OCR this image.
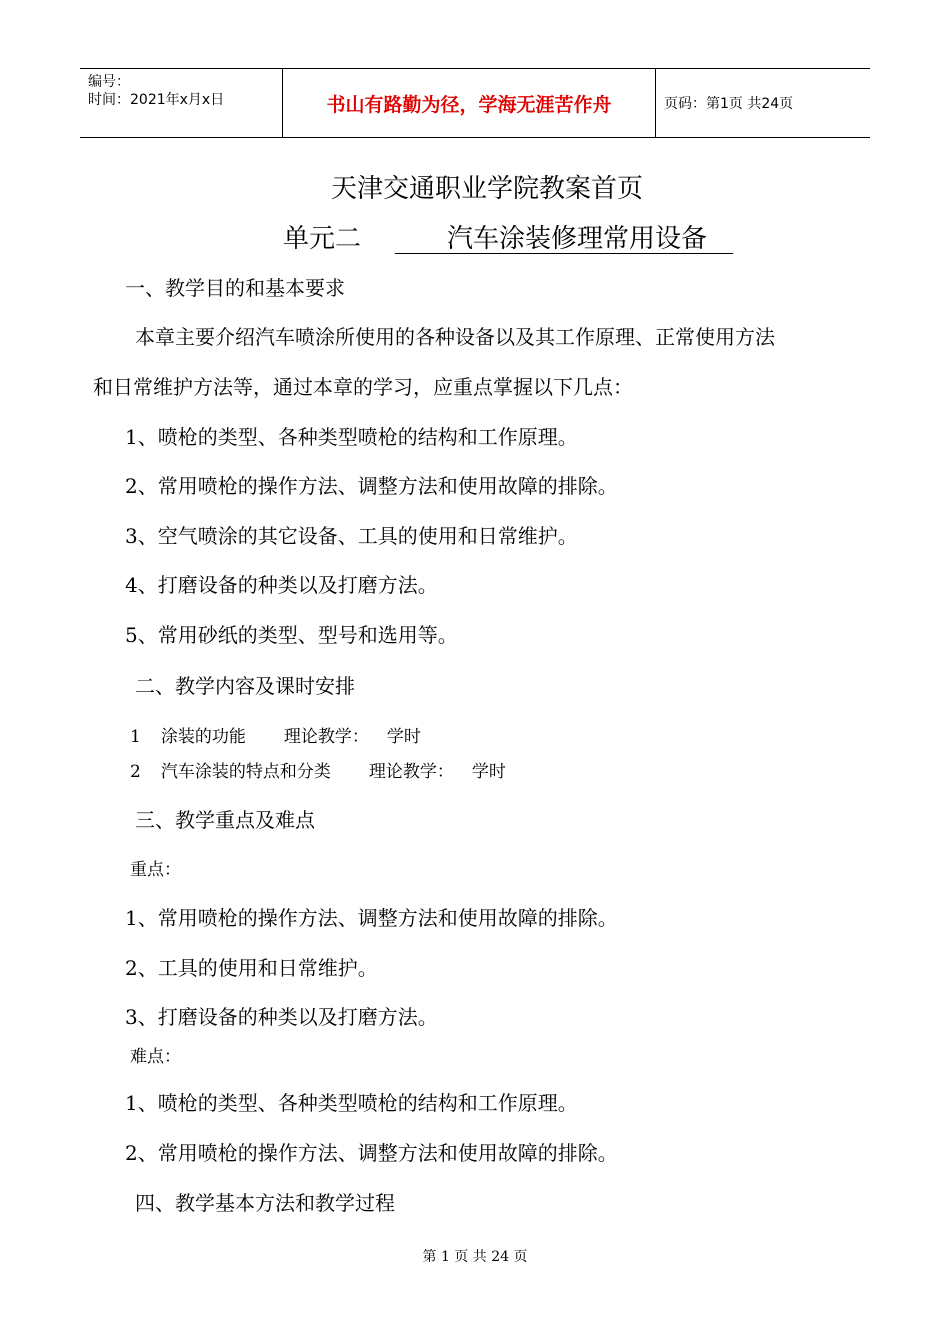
编号：
时间：2021年x月x日	书山有路勤为径，学海无涯苦作舟	页码：第1页 共24页
天津交通职业学院教案首页
单元二　　汽车涂装修理常用设备　
一、教学目的和基本要求
本章主要介绍汽车喷涂所使用的各种设备以及其工作原理、正常使用方法
和日常维护方法等，通过本章的学习，应重点掌握以下几点：
1、喷枪的类型、各种类型喷枪的结构和工作原理。
2、常用喷枪的操作方法、调整方法和使用故障的排除。
3、空气喷涂的其它设备、工具的使用和日常维护。
4、打磨设备的种类以及打磨方法。
5、常用砂纸的类型、型号和选用等。
二、教学内容及课时安排
1 涂装的功能 理论教学： 学时
2 汽车涂装的特点和分类 理论教学： 学时
三、教学重点及难点
重点：
1、常用喷枪的操作方法、调整方法和使用故障的排除。
2、工具的使用和日常维护。
3、打磨设备的种类以及打磨方法。
难点：
1、喷枪的类型、各种类型喷枪的结构和工作原理。
2、常用喷枪的操作方法、调整方法和使用故障的排除。
四、教学基本方法和教学过程
第 1 页 共 24 页
